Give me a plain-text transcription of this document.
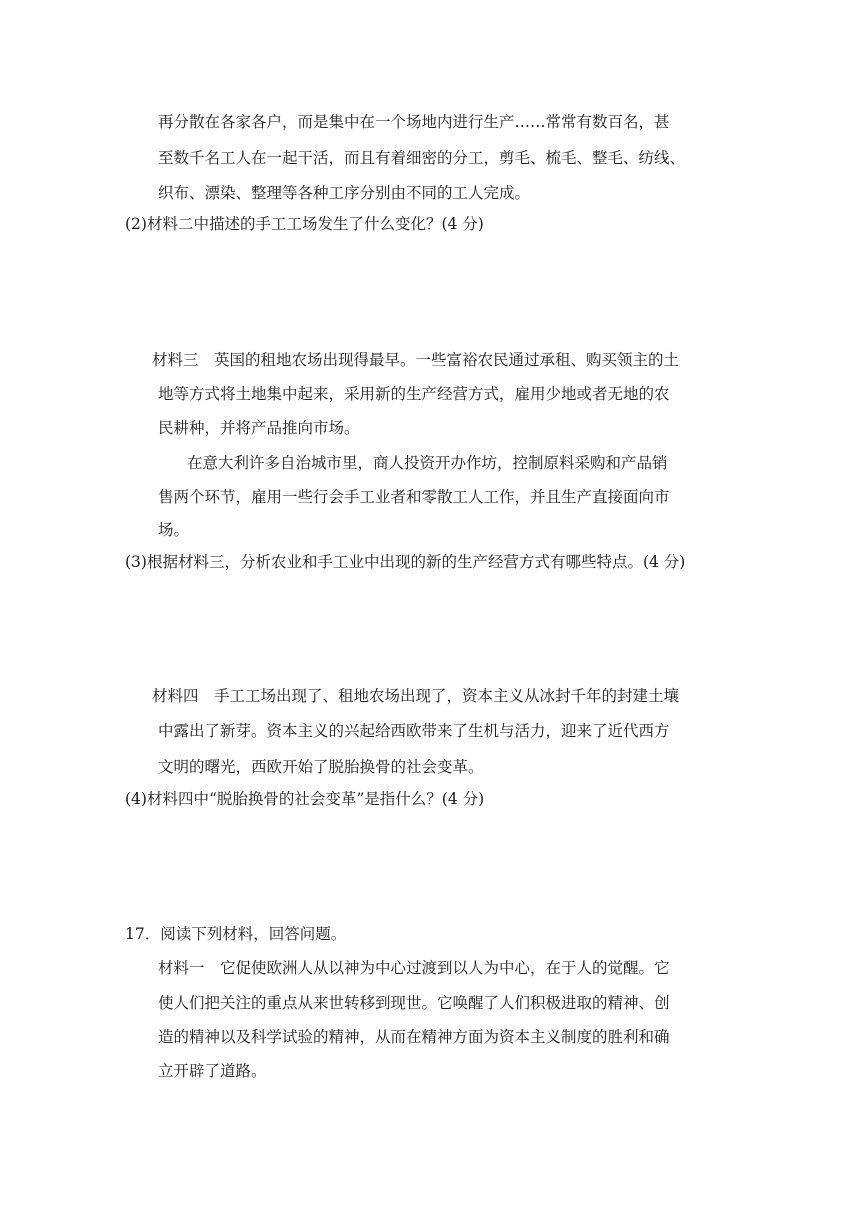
再分散在各家各户，而是集中在一个场地内进行生产……常常有数百名，甚
至数千名工人在一起干活，而且有着细密的分工，剪毛、梳毛、整毛、纺线、
织布、漂染、整理等各种工序分别由不同的工人完成。
(2)材料二中描述的手工工场发生了什么变化？(4 分)
材料三　英国的租地农场出现得最早。一些富裕农民通过承租、购买领主的土
地等方式将土地集中起来，采用新的生产经营方式，雇用少地或者无地的农
民耕种，并将产品推向市场。
在意大利许多自治城市里，商人投资开办作坊，控制原料采购和产品销
售两个环节，雇用一些行会手工业者和零散工人工作，并且生产直接面向市
场。
(3)根据材料三，分析农业和手工业中出现的新的生产经营方式有哪些特点。(4 分)
材料四　手工工场出现了、租地农场出现了，资本主义从冰封千年的封建土壤
中露出了新芽。资本主义的兴起给西欧带来了生机与活力，迎来了近代西方
文明的曙光，西欧开始了脱胎换骨的社会变革。
(4)材料四中“脱胎换骨的社会变革”是指什么？(4 分)
17．阅读下列材料，回答问题。
材料一　它促使欧洲人从以神为中心过渡到以人为中心，在于人的觉醒。它
使人们把关注的重点从来世转移到现世。它唤醒了人们积极进取的精神、创
造的精神以及科学试验的精神，从而在精神方面为资本主义制度的胜利和确
立开辟了道路。
